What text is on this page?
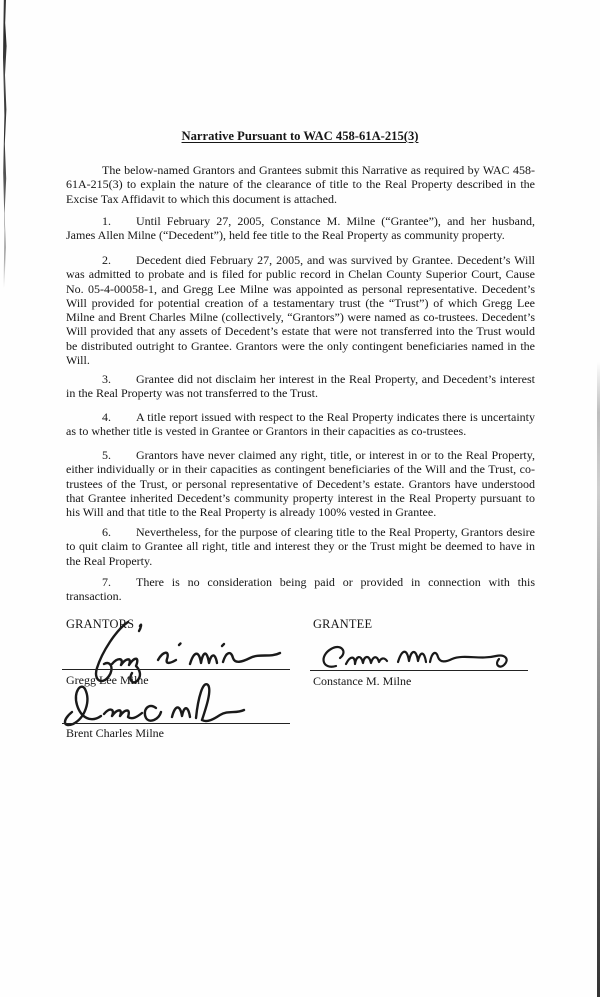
Narrative Pursuant to WAC 458-61A-215(3)

The below-named Grantors and Grantees submit this Narrative as required by WAC 458-61A-215(3) to explain the nature of the clearance of title to the Real Property described in the Excise Tax Affidavit to which this document is attached.

1. Until February 27, 2005, Constance M. Milne (“Grantee”), and her husband, James Allen Milne (“Decedent”), held fee title to the Real Property as community property.

2. Decedent died February 27, 2005, and was survived by Grantee. Decedent’s Will was admitted to probate and is filed for public record in Chelan County Superior Court, Cause No. 05-4-00058-1, and Gregg Lee Milne was appointed as personal representative. Decedent’s Will provided for potential creation of a testamentary trust (the “Trust”) of which Gregg Lee Milne and Brent Charles Milne (collectively, “Grantors”) were named as co-trustees. Decedent’s Will provided that any assets of Decedent’s estate that were not transferred into the Trust would be distributed outright to Grantee. Grantors were the only contingent beneficiaries named in the Will.

3. Grantee did not disclaim her interest in the Real Property, and Decedent’s interest in the Real Property was not transferred to the Trust.

4. A title report issued with respect to the Real Property indicates there is uncertainty as to whether title is vested in Grantee or Grantors in their capacities as co-trustees.

5. Grantors have never claimed any right, title, or interest in or to the Real Property, either individually or in their capacities as contingent beneficiaries of the Will and the Trust, co-trustees of the Trust, or personal representative of Decedent’s estate. Grantors have understood that Grantee inherited Decedent’s community property interest in the Real Property pursuant to his Will and that title to the Real Property is already 100% vested in Grantee.

6. Nevertheless, for the purpose of clearing title to the Real Property, Grantors desire to quit claim to Grantee all right, title and interest they or the Trust might be deemed to have in the Real Property.

7. There is no consideration being paid or provided in connection with this transaction.

GRANTORS	GRANTEE
Gregg Lee Milne
Brent Charles Milne
Constance M. Milne
